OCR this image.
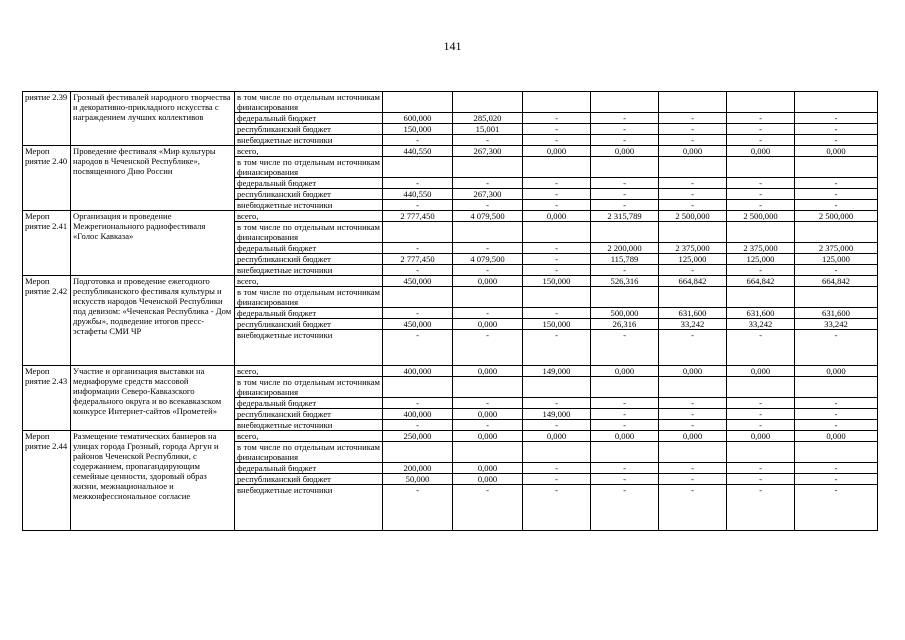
141
риятие 2.39	Грозный фестивалей народного творчества и декоративно-прикладного искусства с награждением лучших коллективов	в том числе по отдельным источникам финансирования							
		федеральный бюджет	600,000	285,020	-	-	-	-	-
		республиканский бюджет	150,000	15,001	-	-	-	-	-
		внебюджетные источники	-	-	-	-	-	-	-
Мероп риятие 2.40	Проведение фестиваля «Мир культуры народов в Чеченской Республике», посвященного Дню России	всего,	440,550	267,300	0,000	0,000	0,000	0,000	0,000
		в том числе по отдельным источникам финансирования							
		федеральный бюджет	-	-	-	-	-	-	-
		республиканский бюджет	440,550	267,300	-	-	-	-	-
		внебюджетные источники	-	-	-	-	-	-	-
Мероп риятие 2.41	Организация и проведение Межрегионального радиофестиваля «Голос Кавказа»	всего,	2 777,450	4 079,500	0,000	2 315,789	2 500,000	2 500,000	2 500,000
		в том числе по отдельным источникам финансирования							
		федеральный бюджет	-	-	-	2 200,000	2 375,000	2 375,000	2 375,000
		республиканский бюджет	2 777,450	4 079,500	-	115,789	125,000	125,000	125,000
		внебюджетные источники	-	-	-	-	-	-	-
Мероп риятие 2.42	Подготовка и проведение ежегодного республиканского фестиваля культуры и искусств народов Чеченской Республики под девизом: «Чеченская Республика - Дом дружбы», подведение итогов пресс-эстафеты СМИ ЧР	всего,	450,000	0,000	150,000	526,316	664,842	664,842	664,842
		в том числе по отдельным источникам финансирования							
		федеральный бюджет	-	-	-	500,000	631,600	631,600	631,600
		республиканский бюджет	450,000	0,000	150,000	26,316	33,242	33,242	33,242
		внебюджетные источники	-	-	-	-	-	-	-
Мероп риятие 2.43	Участие и организация выставки на медиафоруме средств массовой информации Северо-Кавказского федерального округа и во всекавказском конкурсе Интернет-сайтов «Прометей»	всего,	400,000	0,000	149,000	0,000	0,000	0,000	0,000
		в том числе по отдельным источникам финансирования							
		федеральный бюджет	-	-	-	-	-	-	-
		республиканский бюджет	400,000	0,000	149,000	-	-	-	-
		внебюджетные источники	-	-	-	-	-	-	-
Мероп риятие 2.44	Размещение тематических баннеров на улицах города Грозный, города Аргун и районов Чеченской Республики, с содержанием, пропагандирующим семейные ценности, здоровый образ жизни, межнациональное и межконфессиональное согласие	всего,	250,000	0,000	0,000	0,000	0,000	0,000	0,000
		в том числе по отдельным источникам финансирования							
		федеральный бюджет	200,000	0,000	-	-	-	-	-
		республиканский бюджет	50,000	0,000	-	-	-	-	-
		внебюджетные источники	-	-	-	-	-	-	-
